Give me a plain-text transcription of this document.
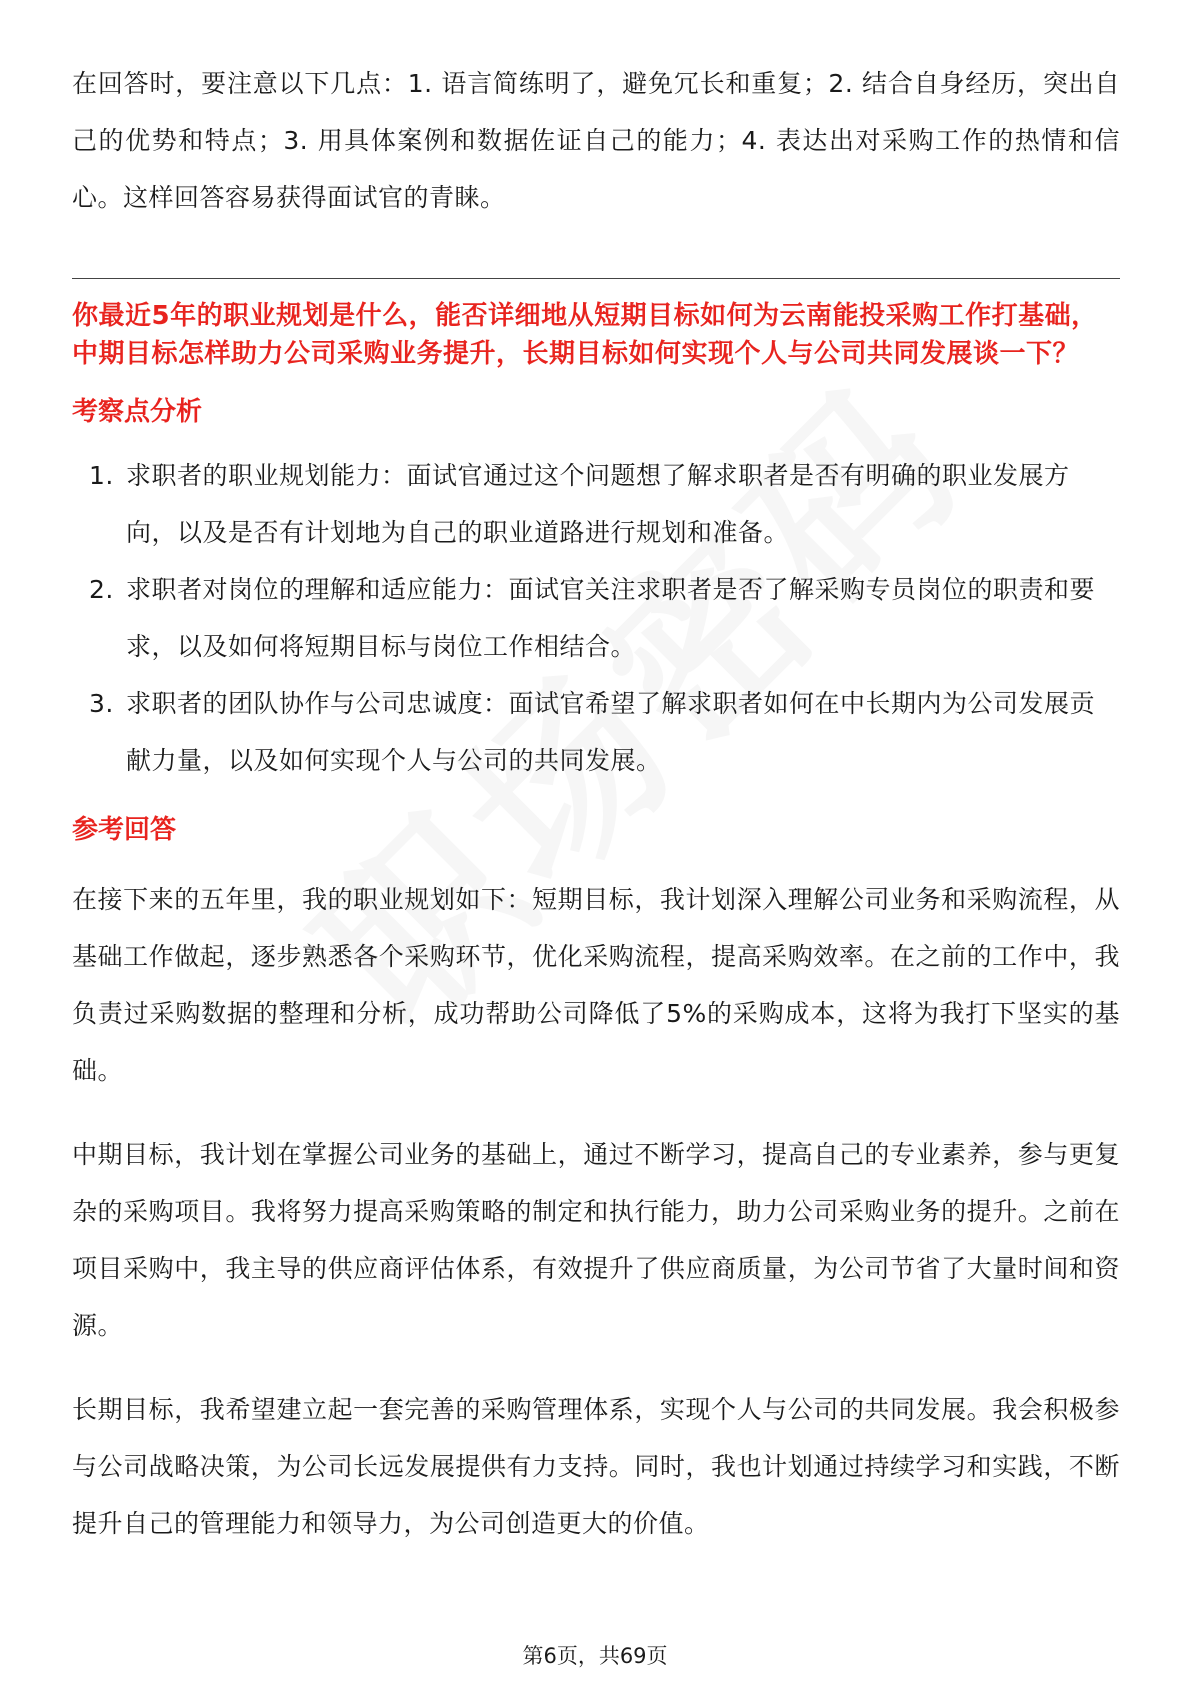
在回答时，要注意以下几点：1. 语言简练明了，避免冗长和重复；2. 结合自身经历，突出自己的优势和特点；3. 用具体案例和数据佐证自己的能力；4. 表达出对采购工作的热情和信心。这样回答容易获得面试官的青睐。

你最近5年的职业规划是什么，能否详细地从短期目标如何为云南能投采购工作打基础，中期目标怎样助力公司采购业务提升，长期目标如何实现个人与公司共同发展谈一下？

考察点分析
1. 求职者的职业规划能力：面试官通过这个问题想了解求职者是否有明确的职业发展方向，以及是否有计划地为自己的职业道路进行规划和准备。
2. 求职者对岗位的理解和适应能力：面试官关注求职者是否了解采购专员岗位的职责和要求，以及如何将短期目标与岗位工作相结合。
3. 求职者的团队协作与公司忠诚度：面试官希望了解求职者如何在中长期内为公司发展贡献力量，以及如何实现个人与公司的共同发展。
参考回答

在接下来的五年里，我的职业规划如下：短期目标，我计划深入理解公司业务和采购流程，从基础工作做起，逐步熟悉各个采购环节，优化采购流程，提高采购效率。在之前的工作中，我负责过采购数据的整理和分析，成功帮助公司降低了5%的采购成本，这将为我打下坚实的基础。

中期目标，我计划在掌握公司业务的基础上，通过不断学习，提高自己的专业素养，参与更复杂的采购项目。我将努力提高采购策略的制定和执行能力，助力公司采购业务的提升。之前在项目采购中，我主导的供应商评估体系，有效提升了供应商质量，为公司节省了大量时间和资源。

长期目标，我希望建立起一套完善的采购管理体系，实现个人与公司的共同发展。我会积极参与公司战略决策，为公司长远发展提供有力支持。同时，我也计划通过持续学习和实践，不断提升自己的管理能力和领导力，为公司创造更大的价值。

第6页，共69页
